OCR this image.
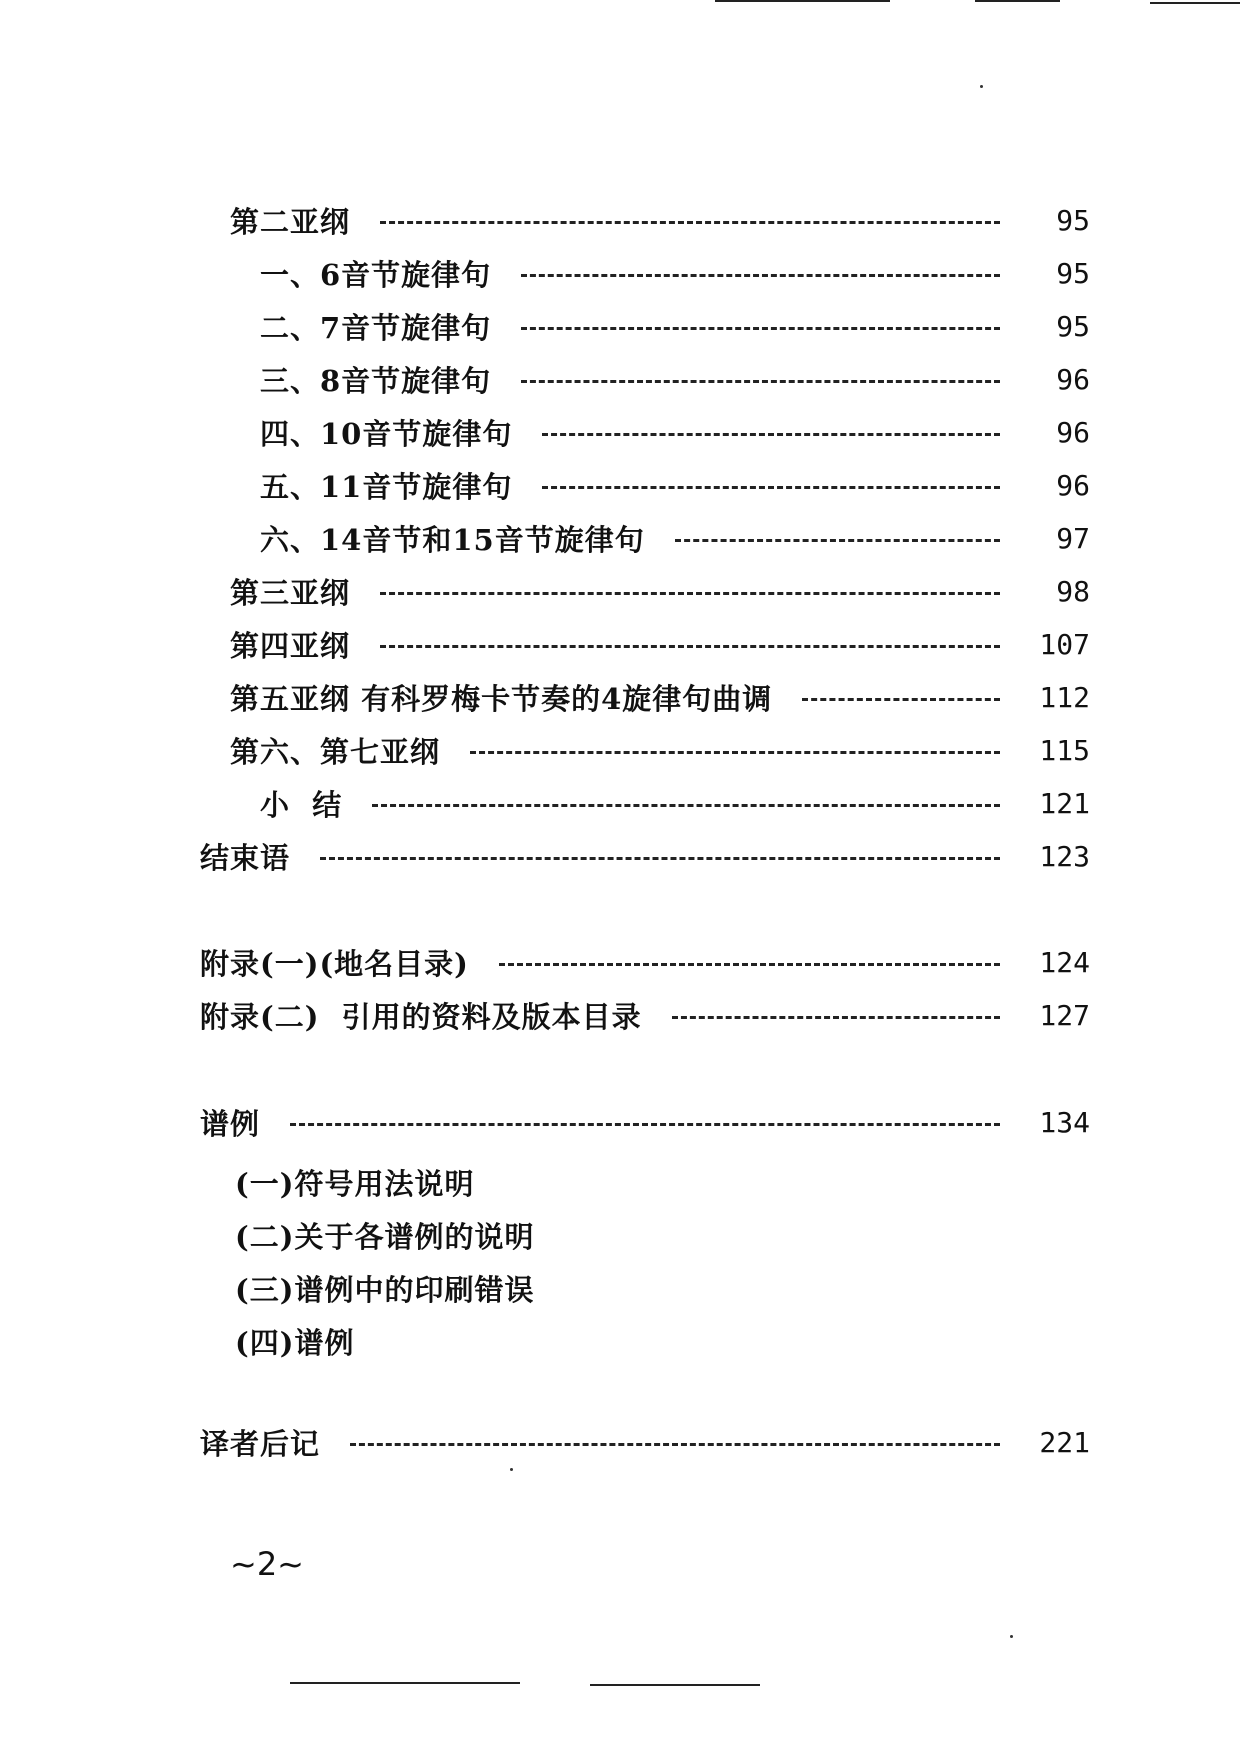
第二亚纲	95
一、6音节旋律句	95
二、7音节旋律句	95
三、8音节旋律句	96
四、10音节旋律句	96
五、11音节旋律句	96
六、14音节和15音节旋律句	97
第三亚纲	98
第四亚纲	107
第五亚纲 有科罗梅卡节奏的4旋律句曲调	112
第六、第七亚纲	115
小  结	121
结束语	123
附录(一)(地名目录)	124
附录(二)  引用的资料及版本目录	127
谱例	134
(一)符号用法说明
(二)关于各谱例的说明
(三)谱例中的印刷错误
(四)谱例
译者后记	221
~2~
